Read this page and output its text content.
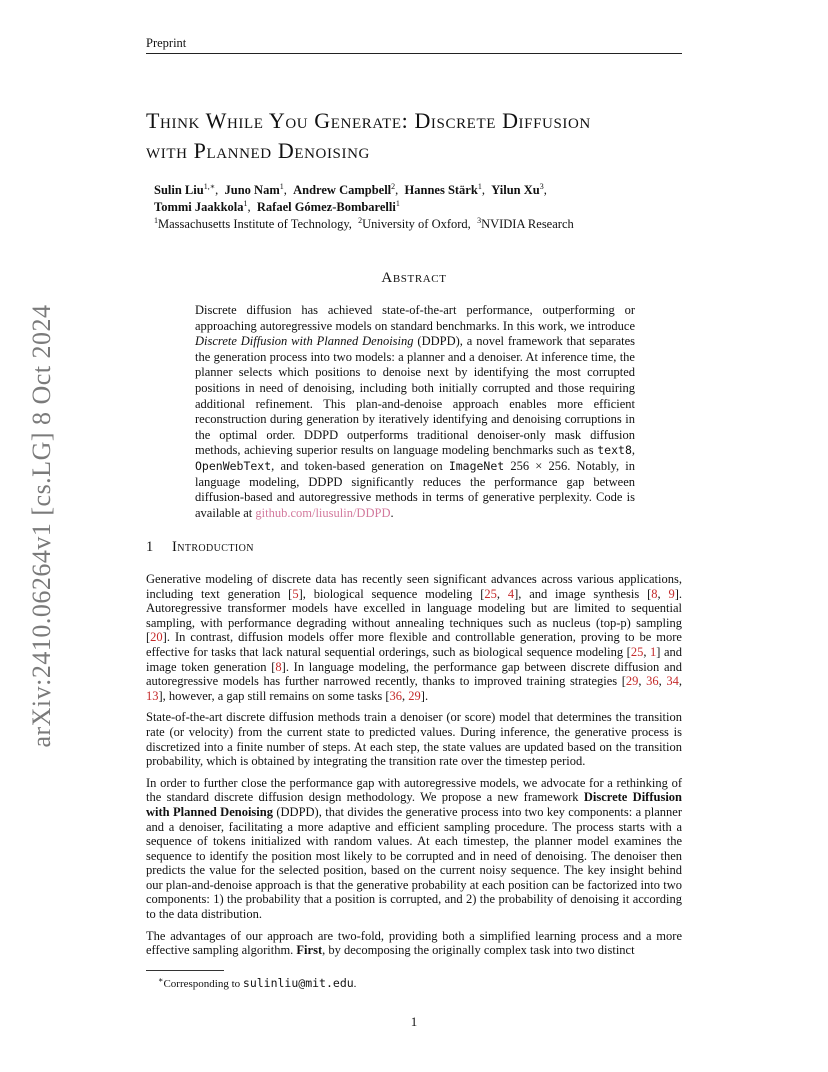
Preprint
arXiv:2410.06264v1 [cs.LG] 8 Oct 2024
Think While You Generate: Discrete Diffusion
with Planned Denoising
Sulin Liu$^{1,∗}$,  Juno Nam$^1$,  Andrew Campbell$^2$,  Hannes Stärk$^1$,  Yilun Xu$^3$,
Tommi Jaakkola$^1$,  Rafael Gómez-Bombarelli$^1$
$^1$Massachusetts Institute of Technology, $^2$University of Oxford, $^3$NVIDIA Research
Abstract
Discrete diffusion has achieved state-of-the-art performance, outperforming or approaching autoregressive models on standard benchmarks. In this work, we introduce Discrete Diffusion with Planned Denoising (DDPD), a novel framework that separates the generation process into two models: a planner and a denoiser. At inference time, the planner selects which positions to denoise next by identifying the most corrupted positions in need of denoising, including both initially corrupted and those requiring additional refinement. This plan-and-denoise approach enables more efficient reconstruction during generation by iteratively identifying and denoising corruptions in the optimal order. DDPD outperforms traditional denoiser-only mask diffusion methods, achieving superior results on language modeling benchmarks such as text8, OpenWebText, and token-based generation on ImageNet 256 × 256. Notably, in language modeling, DDPD significantly reduces the performance gap between diffusion-based and autoregressive methods in terms of generative perplexity. Code is available at github.com/liusulin/DDPD.
1 Introduction

Generative modeling of discrete data has recently seen significant advances across various applications, including text generation [5], biological sequence modeling [25, 4], and image synthesis [8, 9]. Autoregressive transformer models have excelled in language modeling but are limited to sequential sampling, with performance degrading without annealing techniques such as nucleus (top-p) sampling [20]. In contrast, diffusion models offer more flexible and controllable generation, proving to be more effective for tasks that lack natural sequential orderings, such as biological sequence modeling [25, 1] and image token generation [8]. In language modeling, the performance gap between discrete diffusion and autoregressive models has further narrowed recently, thanks to improved training strategies [29, 36, 34, 13], however, a gap still remains on some tasks [36, 29].

State-of-the-art discrete diffusion methods train a denoiser (or score) model that determines the transition rate (or velocity) from the current state to predicted values. During inference, the generative process is discretized into a finite number of steps. At each step, the state values are updated based on the transition probability, which is obtained by integrating the transition rate over the timestep period.

In order to further close the performance gap with autoregressive models, we advocate for a rethinking of the standard discrete diffusion design methodology. We propose a new framework Discrete Diffusion with Planned Denoising (DDPD), that divides the generative process into two key components: a planner and a denoiser, facilitating a more adaptive and efficient sampling procedure. The process starts with a sequence of tokens initialized with random values. At each timestep, the planner model examines the sequence to identify the position most likely to be corrupted and in need of denoising. The denoiser then predicts the value for the selected position, based on the current noisy sequence. The key insight behind our plan-and-denoise approach is that the generative probability at each position can be factorized into two components: 1) the probability that a position is corrupted, and 2) the probability of denoising it according to the data distribution.

The advantages of our approach are two-fold, providing both a simplified learning process and a more effective sampling algorithm. First, by decomposing the originally complex task into two distinct

∗Corresponding to sulinliu@mit.edu.
1
